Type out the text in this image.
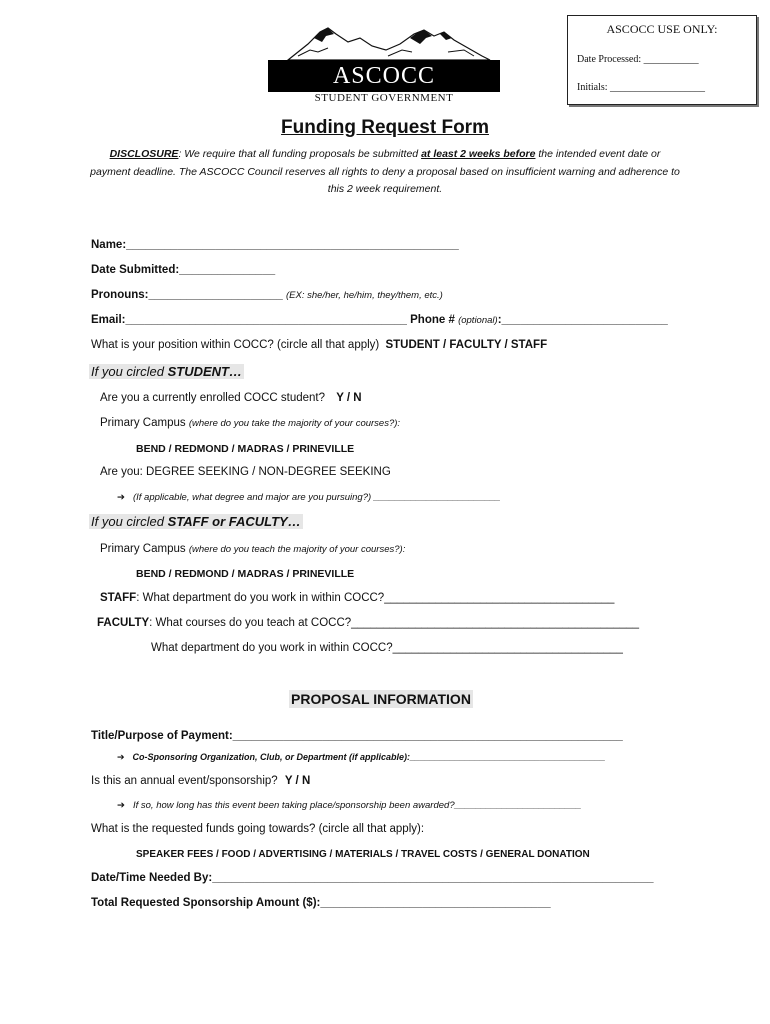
ASCOCC
STUDENT GOVERNMENT
ASCOCC USE ONLY:
Date Processed: ___________
Initials: ___________________
Funding Request Form
DISCLOSURE: We require that all funding proposals be submitted at least 2 weeks before the intended event date or payment deadline. The ASCOCC Council reserves all rights to deny a proposal based on insufficient warning and adherence to this 2 week requirement.
Name:____________________________________________________
Date Submitted:_______________
Pronouns:_____________________ (EX: she/her, he/him, they/them, etc.)
Email:____________________________________________ Phone # (optional):__________________________
What is your position within COCC? (circle all that apply) STUDENT / FACULTY / STAFF
If you circled STUDENT…
Are you a currently enrolled COCC student? Y / N
Primary Campus (where do you take the majority of your courses?):
BEND / REDMOND / MADRAS / PRINEVILLE
Are you: DEGREE SEEKING / NON-DEGREE SEEKING
➔ (If applicable, what degree and major are you pursuing?) ________________________
If you circled STAFF or FACULTY…
Primary Campus (where do you teach the majority of your courses?):
BEND / REDMOND / MADRAS / PRINEVILLE
STAFF: What department do you work in within COCC?____________________________________
FACULTY: What courses do you teach at COCC?_____________________________________________
What department do you work in within COCC?____________________________________
PROPOSAL INFORMATION
Title/Purpose of Payment:_____________________________________________________________
➔ Co-Sponsoring Organization, Club, or Department (if applicable):_______________________________________
Is this an annual event/sponsorship? Y / N
➔ If so, how long has this event been taking place/sponsorship been awarded?________________________
What is the requested funds going towards? (circle all that apply):
SPEAKER FEES / FOOD / ADVERTISING / MATERIALS / TRAVEL COSTS / GENERAL DONATION
Date/Time Needed By:_____________________________________________________________________
Total Requested Sponsorship Amount ($):____________________________________
